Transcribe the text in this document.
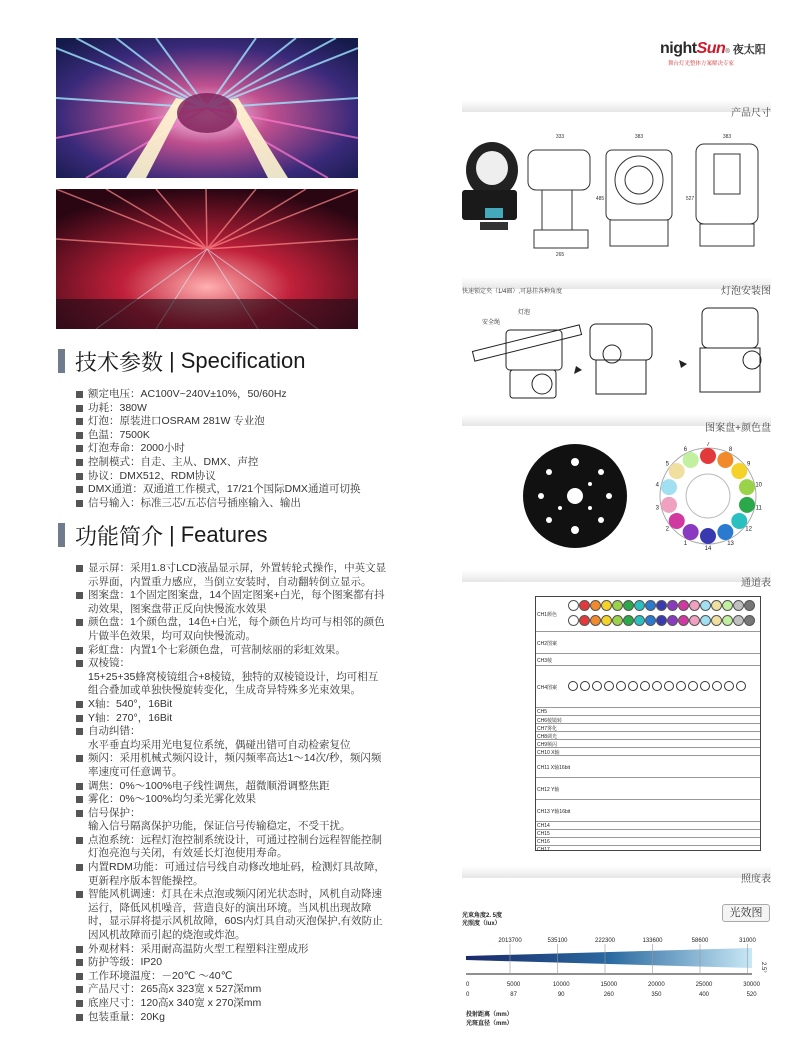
nightSun® 夜太阳
舞台灯光整体方案解决专家
技术参数 | Specification
额定电压：AC100V~240V±10%，50/60Hz
功耗：380W
灯泡：原装进口OSRAM 281W 专业泡
色温：7500K
灯泡寿命：2000小时
控制模式：自走、主从、DMX、声控
协议：DMX512、RDM协议
DMX通道：双通道工作模式，17/21个国际DMX通道可切换
信号输入：标准三芯/五芯信号插座输入、输出
功能简介 | Features
显示屏：采用1.8寸LCD液晶显示屏，外置转轮式操作，中英文显
示界面，内置重力感应，当倒立安装时，自动翻转倒立显示。
图案盘：1个固定图案盘，14个固定图案+白光，每个图案都有抖
动效果，图案盘带正反向快慢流水效果
颜色盘：1个颜色盘，14色+白光，每个颜色片均可与相邻的颜色
片做半色效果，均可双向快慢流动。
彩虹盘：内置1个七彩颜色盘，可营制炫丽的彩虹效果。
双棱镜：
15+25+35蜂窝棱镜组合+8棱镜，独特的双棱镜设计，均可相互
组合叠加或单独快慢旋转变化，生成奇异特殊多光束效果。
X轴：540°，16Bit
Y轴：270°，16Bit
自动纠错：
水平垂直均采用光电复位系统，偶碰出错可自动检索复位
频闪：采用机械式频闪设计，频闪频率高达1～14次/秒，频闪频
率速度可任意调节。
调焦：0%～100%电子线性调焦，超微顺滑调整焦距
雾化：0%～100%均匀柔光雾化效果
信号保护：
输入信号隔离保护功能，保证信号传输稳定，不受干扰。
点泡系统：远程灯泡控制系统设计，可通过控制台远程智能控制
灯泡亮泡与关闭，有效延长灯泡使用寿命。
内置RDM功能：可通过信号线自动修改地址码，检测灯具故障，
更新程序版本智能操控。
智能风机调速：灯具在未点泡或频闪闭光状态时，风机自动降速
运行，降低风机噪音，营造良好的演出环境。当风机出现故障
时，显示屏将提示风机故障，60S内灯具自动灭泡保护,有效防止
因风机故障而引起的烧泡或炸泡。
外观材料：采用耐高温防火型工程塑料注塑成形
防护等级：IP20
工作环境温度：－20℃ ～40℃
产品尺寸：265高x 323宽 x 527深mm
底座尺寸：120高x 340宽 x 270深mm
包装重量：20Kg
产品尺寸
333
265
383
485
383
527
快速锁定夹（1/4圈）,可悬挂各种角度	灯泡安装图
灯泡
安全绳
图案盘+颜色盘
7
8
9
10
11
12
13
14
1
2
3
4
5
6
通道表
CH1颜色
CH2图案
CH3棱
CH4图案
CH5
CH6棱镜转
CH7雾化
CH8调光
CH9频闪
CH10 X轴
CH11 X轴16bit
CH12 Y轴
CH13 Y轴16bit
CH14
CH15
CH16
CH17
照度表
光效图
光束角度2. 5度
光照度（lux）
2.5°
投射距离（mm）
光斑直径（mm）
2013700	535100	222300	133600	58600	31000
0
0
5000
87
10000
90
15000
260
20000
350
25000
400
30000
520
